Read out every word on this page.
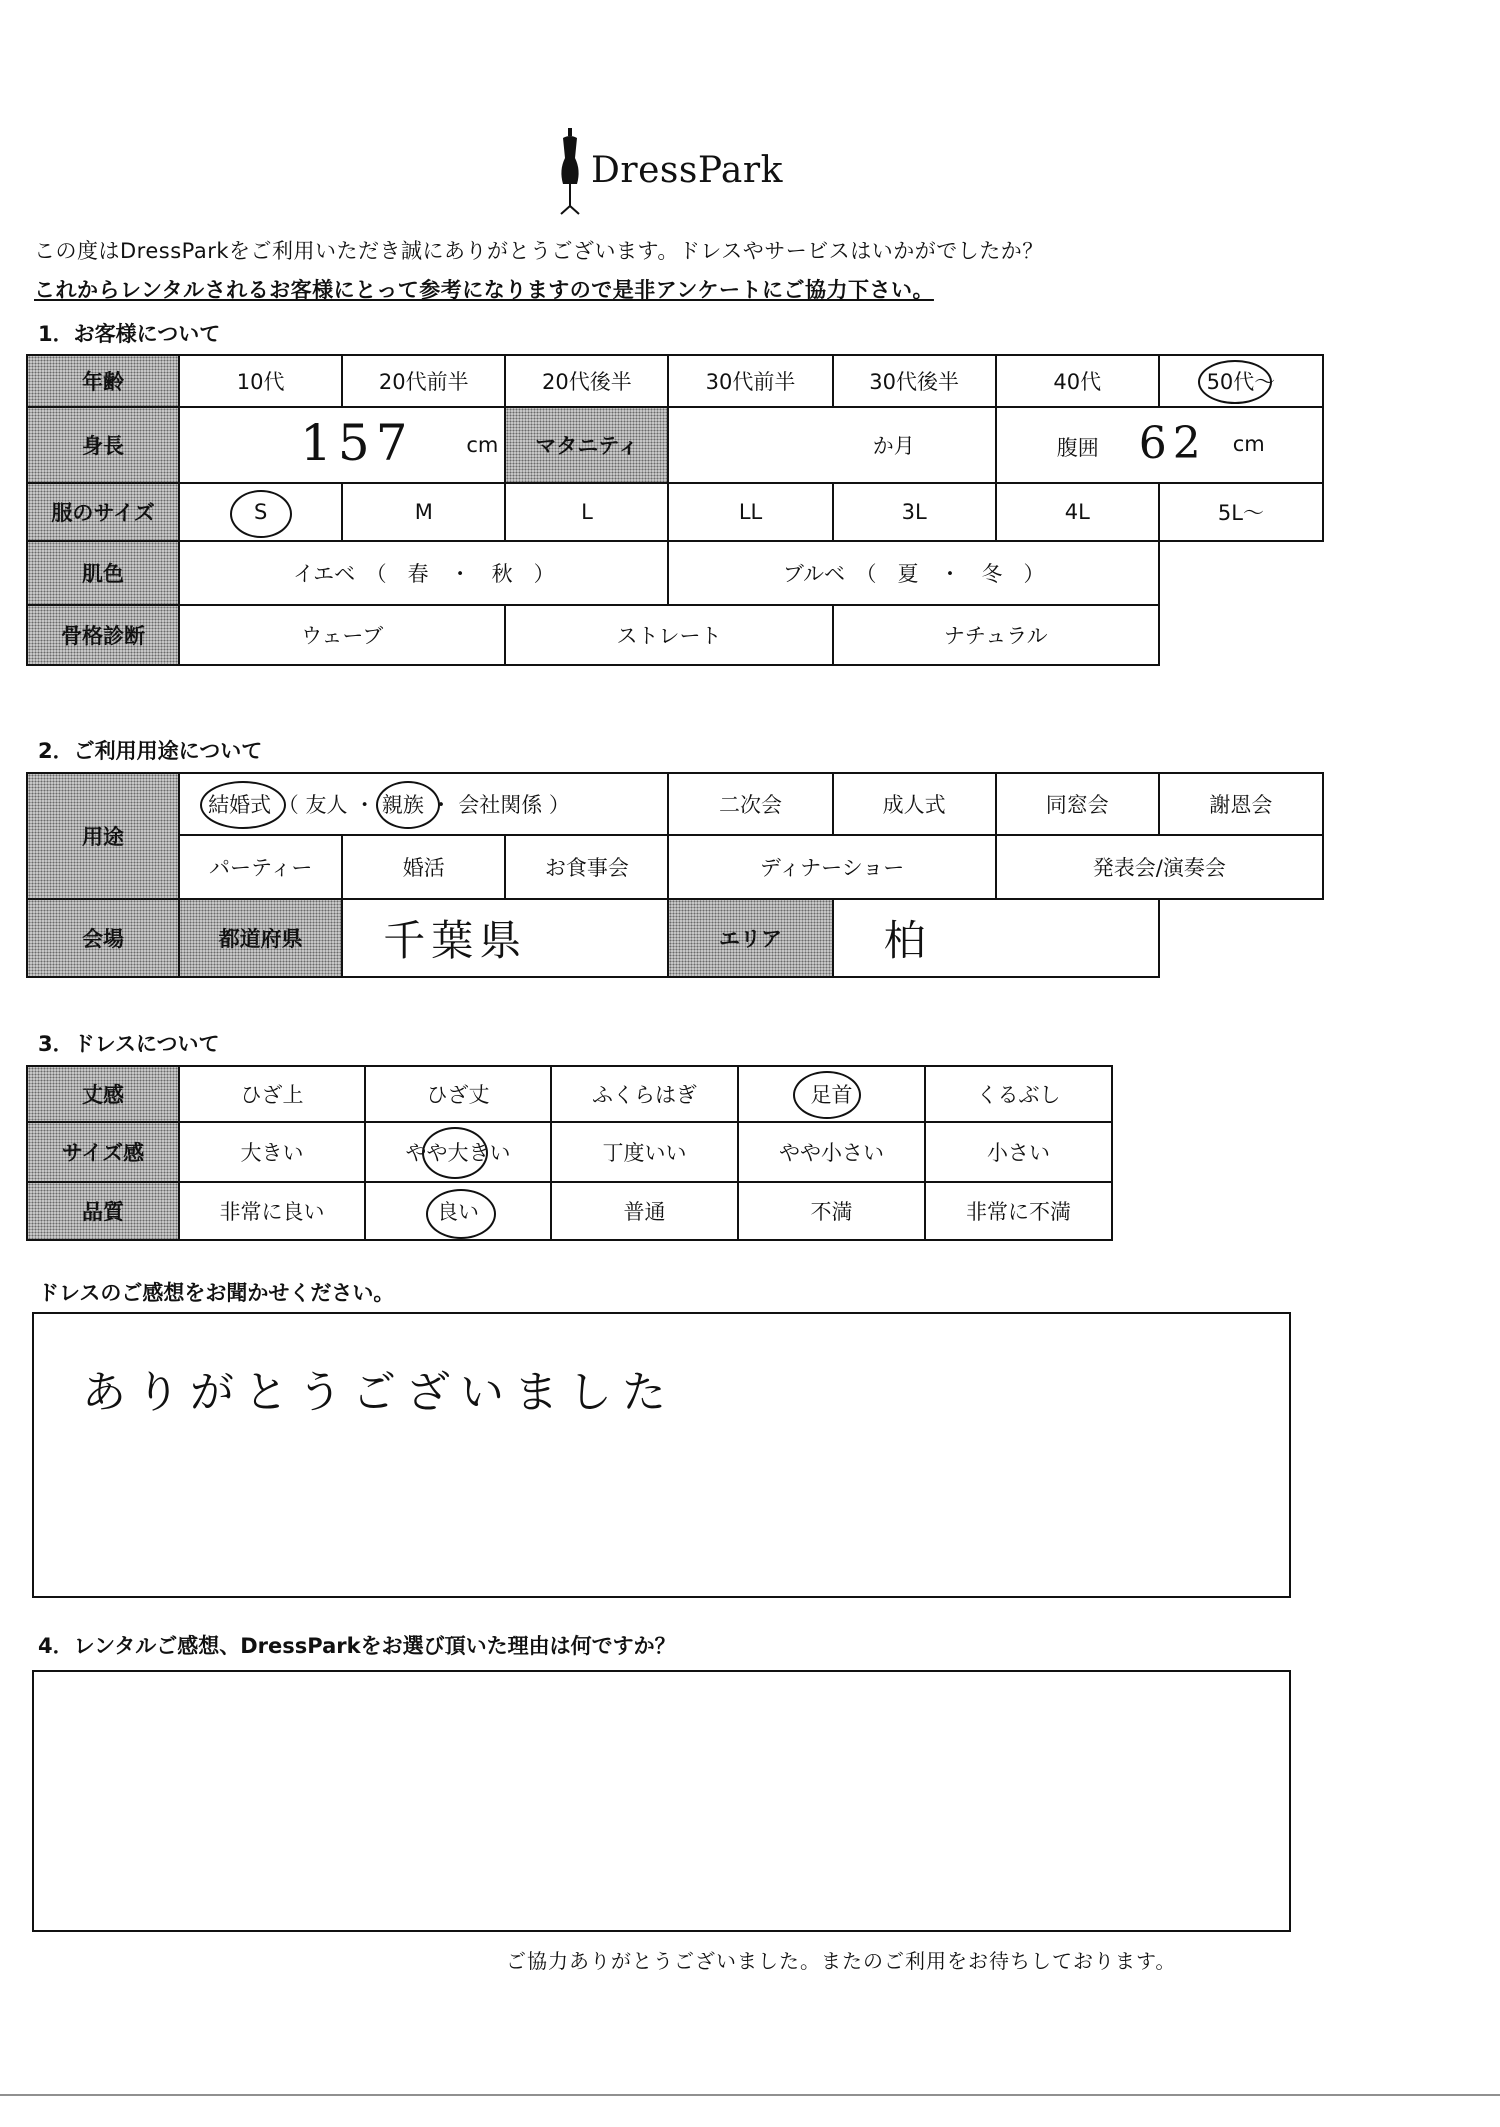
DressPark
この度はDressParkをご利用いただき誠にありがとうございます。ドレスやサービスはいかがでしたか？
これからレンタルされるお客様にとって参考になりますので是非アンケートにご協力下さい。
1．お客様について
年齢	10代	20代前半	20代後半	30代前半	30代後半	40代	50代〜

身長	157 cm		マタニティ	か月		腹囲 62 cm	

服のサイズ	S	M	L	LL	3L	4L	5L〜
肌色	イエベ　（　春　・　秋　）			ブルベ　（　夏　・　冬　）			
骨格診断	ウェーブ		ストレート		ナチュラル		
2．ご利用用途について
用途	結婚式 （ 友人 ・ 親族 ・ 会社関係 ）			二次会	成人式	同窓会	謝恩会
	パーティー	婚活	お食事会	ディナーショー		発表会/演奏会	
会場	都道府県	千葉県		エリア	柏		
3．ドレスについて
丈感	ひざ上	ひざ丈	ふくらはぎ	足首	くるぶし
サイズ感	大きい	やや大きい	丁度いい	やや小さい	小さい
品質	非常に良い	良い	普通	不満	非常に不満
ドレスのご感想をお聞かせください。
ありがとうございました
4．レンタルご感想、DressParkをお選び頂いた理由は何ですか？
ご協力ありがとうございました。またのご利用をお待ちしております。
